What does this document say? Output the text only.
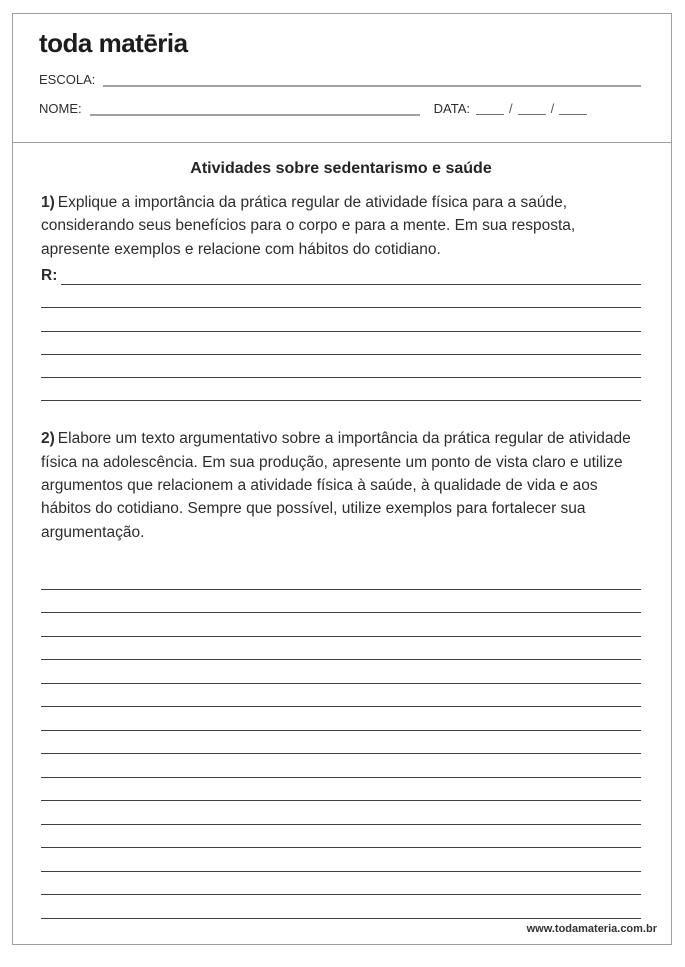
toda matēria
ESCOLA:
NOME:	DATA:	/	/
Atividades sobre sedentarismo e saúde

1) Explique a importância da prática regular de atividade física para a saúde, considerando seus benefícios para o corpo e para a mente. Em sua resposta, apresente exemplos e relacione com hábitos do cotidiano.

R:

2) Elabore um texto argumentativo sobre a importância da prática regular de atividade física na adolescência. Em sua produção, apresente um ponto de vista claro e utilize argumentos que relacionem a atividade física à saúde, à qualidade de vida e aos hábitos do cotidiano. Sempre que possível, utilize exemplos para fortalecer sua argumentação.

www.todamateria.com.br
